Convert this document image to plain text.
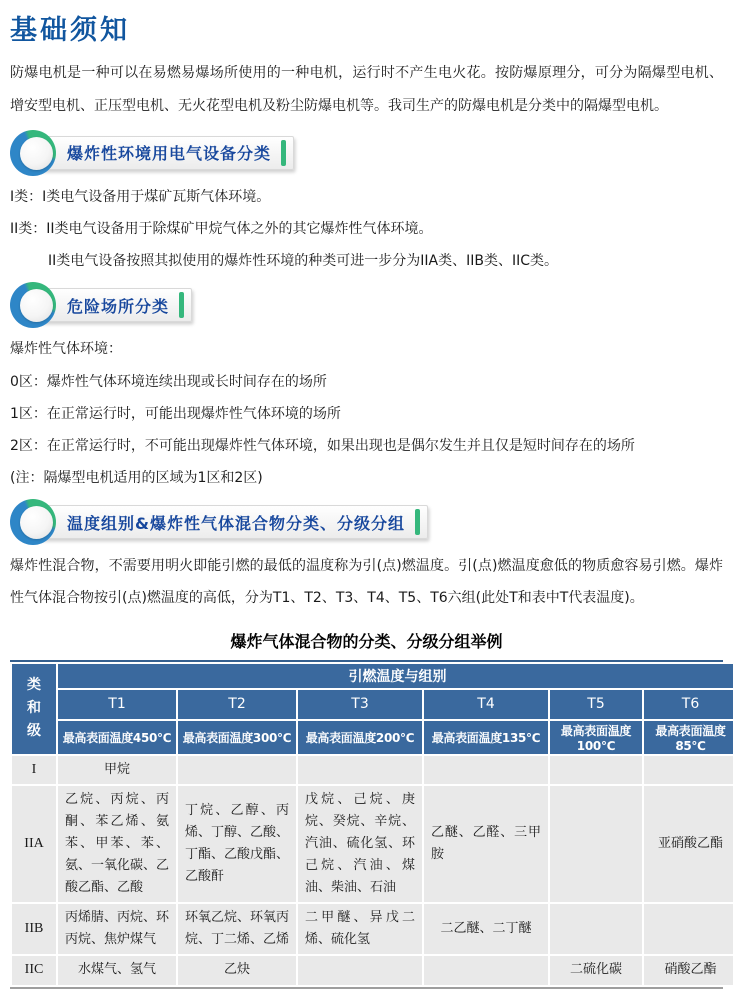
基础须知

防爆电机是一种可以在易燃易爆场所使用的一种电机，运行时不产生电火花。按防爆原理分，可分为隔爆型电机、增安型电机、正压型电机、无火花型电机及粉尘防爆电机等。我司生产的防爆电机是分类中的隔爆型电机。

爆炸性环境用电气设备分类

I类：I类电气设备用于煤矿瓦斯气体环境。

II类：II类电气设备用于除煤矿甲烷气体之外的其它爆炸性气体环境。

II类电气设备按照其拟使用的爆炸性环境的种类可进一步分为IIA类、IIB类、IIC类。

危险场所分类

爆炸性气体环境：

0区：爆炸性气体环境连续出现或长时间存在的场所

1区：在正常运行时，可能出现爆炸性气体环境的场所

2区：在正常运行时，不可能出现爆炸性气体环境，如果出现也是偶尔发生并且仅是短时间存在的场所

(注：隔爆型电机适用的区域为1区和2区)

温度组别&爆炸性气体混合物分类、分级分组

爆炸性混合物，不需要用明火即能引燃的最低的温度称为引(点)燃温度。引(点)燃温度愈低的物质愈容易引燃。爆炸性气体混合物按引(点)燃温度的高低，分为T1、T2、T3、T4、T5、T6六组(此处T和表中T代表温度)。

爆炸气体混合物的分类、分级分组举例
类和级	引燃温度与组别					
	T1	T2	T3	T4	T5	T6
	最高表面温度450℃	最高表面温度300℃	最高表面温度200℃	最高表面温度135℃	最高表面温度100℃	最高表面温度85℃
I	甲烷					
IIA	乙烷、丙烷、丙酮、苯乙烯、氨苯、甲苯、苯、氨、一氧化碳、乙酸乙酯、乙酸	丁烷、乙醇、丙烯、丁醇、乙酸、丁酯、乙酸戊酯、乙酸酐	戊烷、己烷、庚烷、癸烷、辛烷、汽油、硫化氢、环己烷、汽油、煤油、柴油、石油	乙醚、乙醛、三甲胺		亚硝酸乙酯
IIB	丙烯腈、丙烷、环丙烷、焦炉煤气	环氧乙烷、环氧丙烷、丁二烯、乙烯	二甲醚、异戊二烯、硫化氢	二乙醚、二丁醚		
IIC	水煤气、氢气	乙炔			二硫化碳	硝酸乙酯
